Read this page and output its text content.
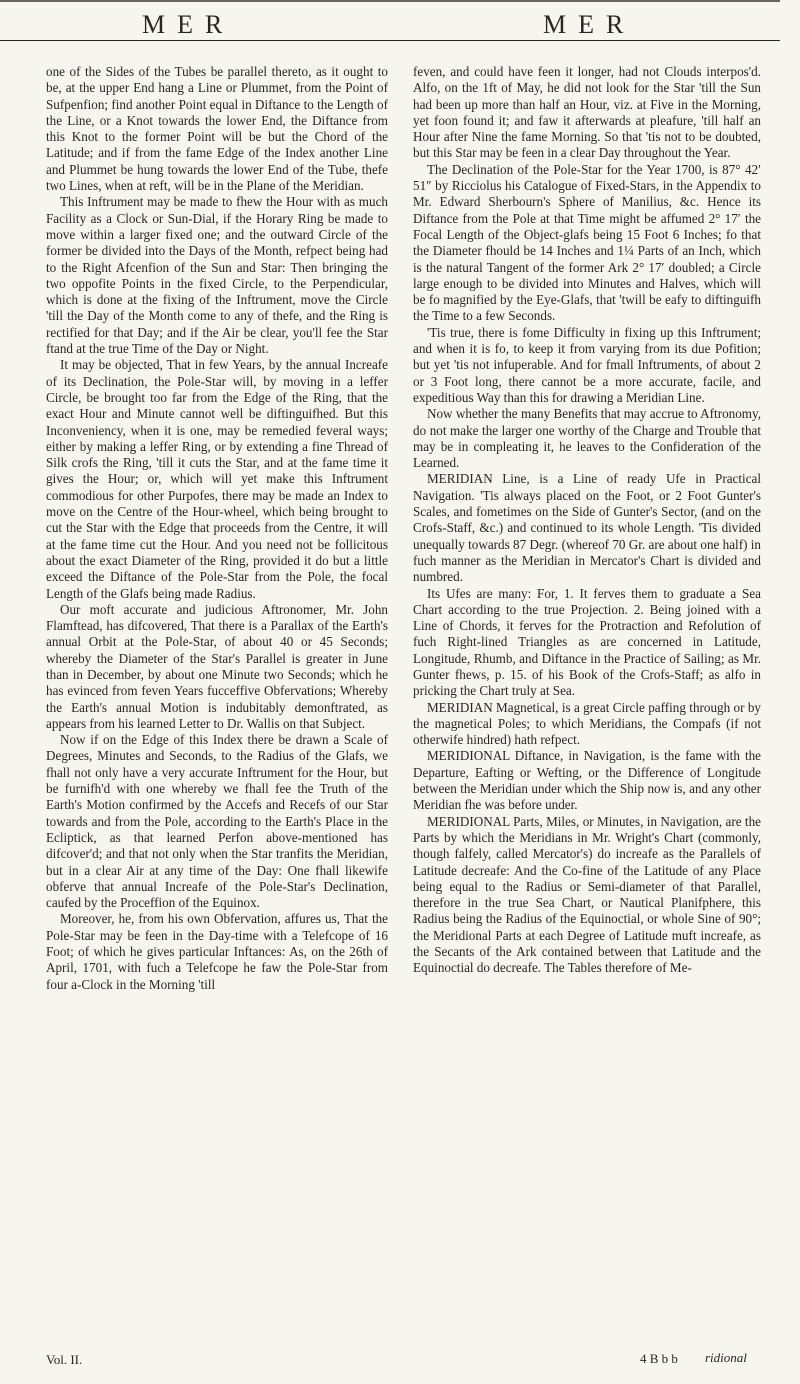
MER	MER

one of the Sides of the Tubes be parallel thereto, as it ought to be, at the upper End hang a Line or Plummet, from the Point of Sufpenfion; find another Point equal in Diftance to the Length of the Line, or a Knot towards the lower End, the Diftance from this Knot to the former Point will be but the Chord of the Latitude; and if from the fame Edge of the Index another Line and Plummet be hung towards the lower End of the Tube, thefe two Lines, when at reft, will be in the Plane of the Meridian.

This Inftrument may be made to fhew the Hour with as much Facility as a Clock or Sun-Dial, if the Horary Ring be made to move within a larger fixed one; and the outward Circle of the former be divided into the Days of the Month, refpect being had to the Right Afcenfion of the Sun and Star: Then bringing the two oppofite Points in the fixed Circle, to the Perpendicular, which is done at the fixing of the Inftrument, move the Circle 'till the Day of the Month come to any of thefe, and the Ring is rectified for that Day; and if the Air be clear, you'll fee the Star ftand at the true Time of the Day or Night.

It may be objected, That in few Years, by the annual Increafe of its Declination, the Pole-Star will, by moving in a leffer Circle, be brought too far from the Edge of the Ring, that the exact Hour and Minute cannot well be diftinguifhed. But this Inconveniency, when it is one, may be remedied feveral ways; either by making a leffer Ring, or by extending a fine Thread of Silk crofs the Ring, 'till it cuts the Star, and at the fame time it gives the Hour; or, which will yet make this Inftrument commodious for other Purpofes, there may be made an Index to move on the Centre of the Hour-wheel, which being brought to cut the Star with the Edge that proceeds from the Centre, it will at the fame time cut the Hour. And you need not be follicitous about the exact Diameter of the Ring, provided it do but a little exceed the Diftance of the Pole-Star from the Pole, the focal Length of the Glafs being made Radius.

Our moft accurate and judicious Aftronomer, Mr. John Flamftead, has difcovered, That there is a Parallax of the Earth's annual Orbit at the Pole-Star, of about 40 or 45 Seconds; whereby the Diameter of the Star's Parallel is greater in June than in December, by about one Minute two Seconds; which he has evinced from feven Years fucceffive Obfervations; Whereby the Earth's annual Motion is indubitably demonftrated, as appears from his learned Letter to Dr. Wallis on that Subject.

Now if on the Edge of this Index there be drawn a Scale of Degrees, Minutes and Seconds, to the Radius of the Glafs, we fhall not only have a very accurate Inftrument for the Hour, but be furnifh'd with one whereby we fhall fee the Truth of the Earth's Motion confirmed by the Accefs and Recefs of our Star towards and from the Pole, according to the Earth's Place in the Ecliptick, as that learned Perfon above-mentioned has difcover'd; and that not only when the Star tranfits the Meridian, but in a clear Air at any time of the Day: One fhall likewife obferve that annual Increafe of the Pole-Star's Declination, caufed by the Proceffion of the Equinox.

Moreover, he, from his own Obfervation, affures us, That the Pole-Star may be feen in the Day-time with a Telefcope of 16 Foot; of which he gives particular Inftances: As, on the 26th of April, 1701, with fuch a Telefcope he faw the Pole-Star from four a-Clock in the Morning 'till

feven, and could have feen it longer, had not Clouds interpos'd. Alfo, on the 1ft of May, he did not look for the Star 'till the Sun had been up more than half an Hour, viz. at Five in the Morning, yet foon found it; and faw it afterwards at pleafure, 'till half an Hour after Nine the fame Morning. So that 'tis not to be doubted, but this Star may be feen in a clear Day throughout the Year.

The Declination of the Pole-Star for the Year 1700, is 87° 42′ 51″ by Ricciolus his Catalogue of Fixed-Stars, in the Appendix to Mr. Edward Sherbourn's Sphere of Manilius, &c. Hence its Diftance from the Pole at that Time might be affumed 2° 17′ the Focal Length of the Object-glafs being 15 Foot 6 Inches; fo that the Diameter fhould be 14 Inches and 1¼ Parts of an Inch, which is the natural Tangent of the former Ark 2° 17′ doubled; a Circle large enough to be divided into Minutes and Halves, which will be fo magnified by the Eye-Glafs, that 'twill be eafy to diftinguifh the Time to a few Seconds.

'Tis true, there is fome Difficulty in fixing up this Inftrument; and when it is fo, to keep it from varying from its due Pofition; but yet 'tis not infuperable. And for fmall Inftruments, of about 2 or 3 Foot long, there cannot be a more accurate, facile, and expeditious Way than this for drawing a Meridian Line.

Now whether the many Benefits that may accrue to Aftronomy, do not make the larger one worthy of the Charge and Trouble that may be in compleating it, he leaves to the Confideration of the Learned.

MERIDIAN Line, is a Line of ready Ufe in Practical Navigation. 'Tis always placed on the Foot, or 2 Foot Gunter's Scales, and fometimes on the Side of Gunter's Sector, (and on the Crofs-Staff, &c.) and continued to its whole Length. 'Tis divided unequally towards 87 Degr. (whereof 70 Gr. are about one half) in fuch manner as the Meridian in Mercator's Chart is divided and numbred.

Its Ufes are many: For, 1. It ferves them to graduate a Sea Chart according to the true Projection. 2. Being joined with a Line of Chords, it ferves for the Protraction and Refolution of fuch Right-lined Triangles as are concerned in Latitude, Longitude, Rhumb, and Diftance in the Practice of Sailing; as Mr. Gunter fhews, p. 15. of his Book of the Crofs-Staff; as alfo in pricking the Chart truly at Sea.

MERIDIAN Magnetical, is a great Circle paffing through or by the magnetical Poles; to which Meridians, the Compafs (if not otherwife hindred) hath refpect.

MERIDIONAL Diftance, in Navigation, is the fame with the Departure, Eafting or Wefting, or the Difference of Longitude between the Meridian under which the Ship now is, and any other Meridian fhe was before under.

MERIDIONAL Parts, Miles, or Minutes, in Navigation, are the Parts by which the Meridians in Mr. Wright's Chart (commonly, though falfely, called Mercator's) do increafe as the Parallels of Latitude decreafe: And the Co-fine of the Latitude of any Place being equal to the Radius or Semi-diameter of that Parallel, therefore in the true Sea Chart, or Nautical Planifphere, this Radius being the Radius of the Equinoctial, or whole Sine of 90°; the Meridional Parts at each Degree of Latitude muft increafe, as the Secants of the Ark contained between that Latitude and the Equinoctial do decreafe. The Tables therefore of Me-

Vol. II.	4 B b b ridional
